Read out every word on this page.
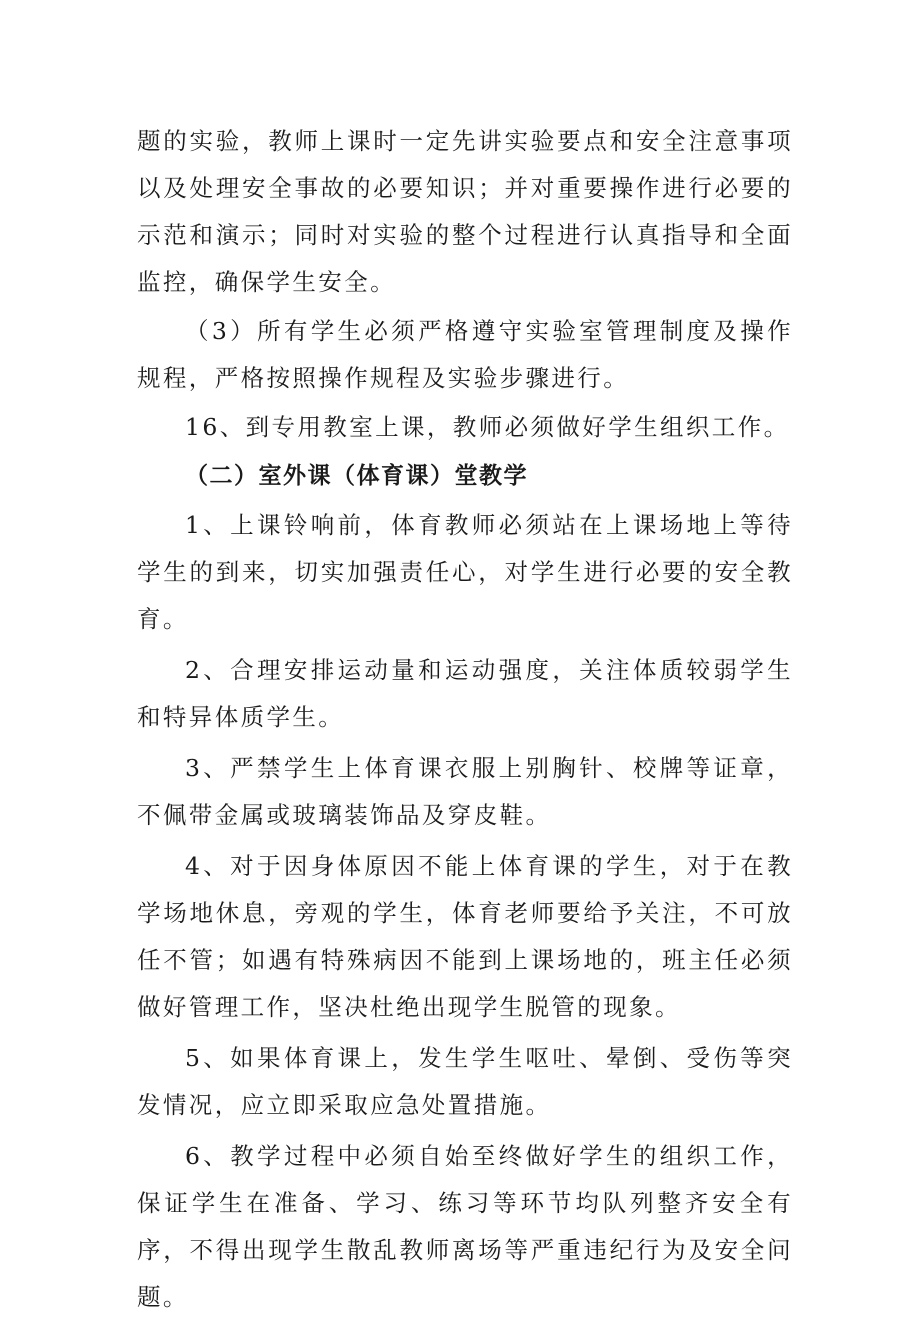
题的实验，教师上课时一定先讲实验要点和安全注意事项以及处理安全事故的必要知识；并对重要操作进行必要的示范和演示；同时对实验的整个过程进行认真指导和全面监控，确保学生安全。

（3）所有学生必须严格遵守实验室管理制度及操作规程，严格按照操作规程及实验步骤进行。

16、到专用教室上课，教师必须做好学生组织工作。

（二）室外课（体育课）堂教学

1、上课铃响前，体育教师必须站在上课场地上等待学生的到来，切实加强责任心，对学生进行必要的安全教育。

2、合理安排运动量和运动强度，关注体质较弱学生和特异体质学生。

3、严禁学生上体育课衣服上别胸针、校牌等证章，不佩带金属或玻璃装饰品及穿皮鞋。

4、对于因身体原因不能上体育课的学生，对于在教学场地休息，旁观的学生，体育老师要给予关注，不可放任不管；如遇有特殊病因不能到上课场地的，班主任必须做好管理工作，坚决杜绝出现学生脱管的现象。

5、如果体育课上，发生学生呕吐、晕倒、受伤等突发情况，应立即采取应急处置措施。

6、教学过程中必须自始至终做好学生的组织工作，保证学生在准备、学习、练习等环节均队列整齐安全有序，不得出现学生散乱教师离场等严重违纪行为及安全问题。
